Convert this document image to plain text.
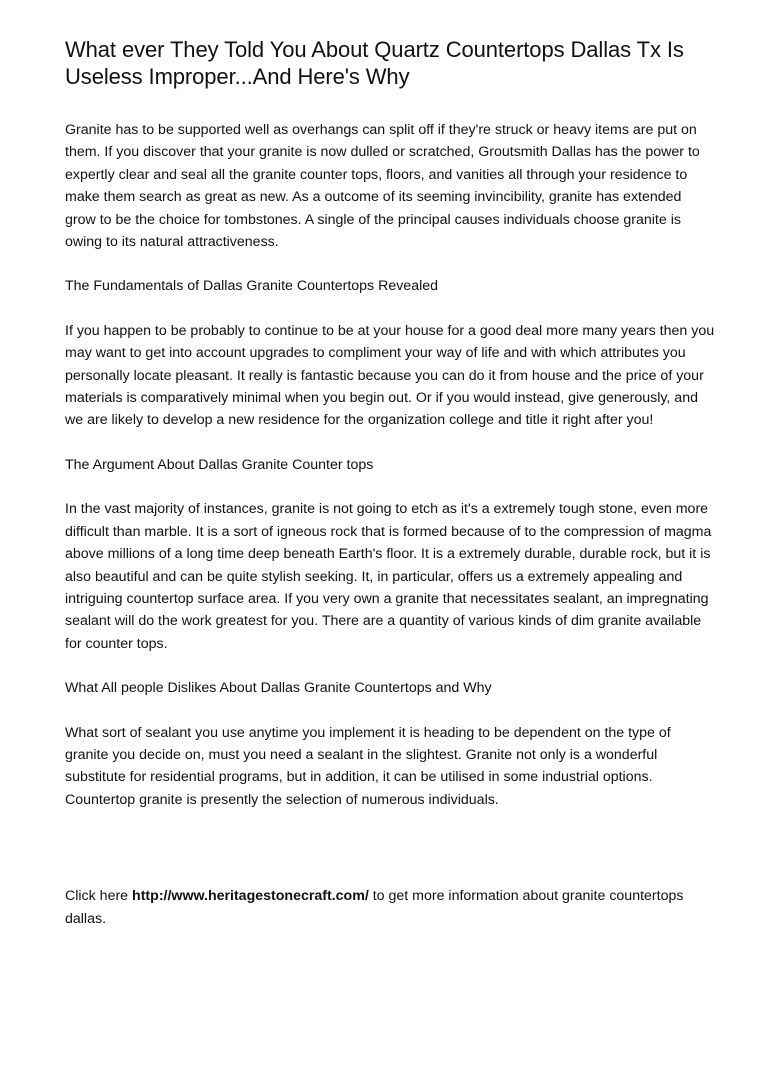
What ever They Told You About Quartz Countertops Dallas Tx Is Useless Improper...And Here's Why

Granite has to be supported well as overhangs can split off if they're struck or heavy items are put on them. If you discover that your granite is now dulled or scratched, Groutsmith Dallas has the power to expertly clear and seal all the granite counter tops, floors, and vanities all through your residence to make them search as great as new. As a outcome of its seeming invincibility, granite has extended grow to be the choice for tombstones. A single of the principal causes individuals choose granite is owing to its natural attractiveness.

The Fundamentals of Dallas Granite Countertops Revealed

If you happen to be probably to continue to be at your house for a good deal more many years then you may want to get into account upgrades to compliment your way of life and with which attributes you personally locate pleasant. It really is fantastic because you can do it from house and the price of your materials is comparatively minimal when you begin out. Or if you would instead, give generously, and we are likely to develop a new residence for the organization college and title it right after you!

The Argument About Dallas Granite Counter tops

In the vast majority of instances, granite is not going to etch as it's a extremely tough stone, even more difficult than marble. It is a sort of igneous rock that is formed because of to the compression of magma above millions of a long time deep beneath Earth's floor. It is a extremely durable, durable rock, but it is also beautiful and can be quite stylish seeking. It, in particular, offers us a extremely appealing and intriguing countertop surface area. If you very own a granite that necessitates sealant, an impregnating sealant will do the work greatest for you. There are a quantity of various kinds of dim granite available for counter tops.

What All people Dislikes About Dallas Granite Countertops and Why

What sort of sealant you use anytime you implement it is heading to be dependent on the type of granite you decide on, must you need a sealant in the slightest. Granite not only is a wonderful substitute for residential programs, but in addition, it can be utilised in some industrial options. Countertop granite is presently the selection of numerous individuals.

Click here http://www.heritagestonecraft.com/ to get more information about granite countertops dallas.
